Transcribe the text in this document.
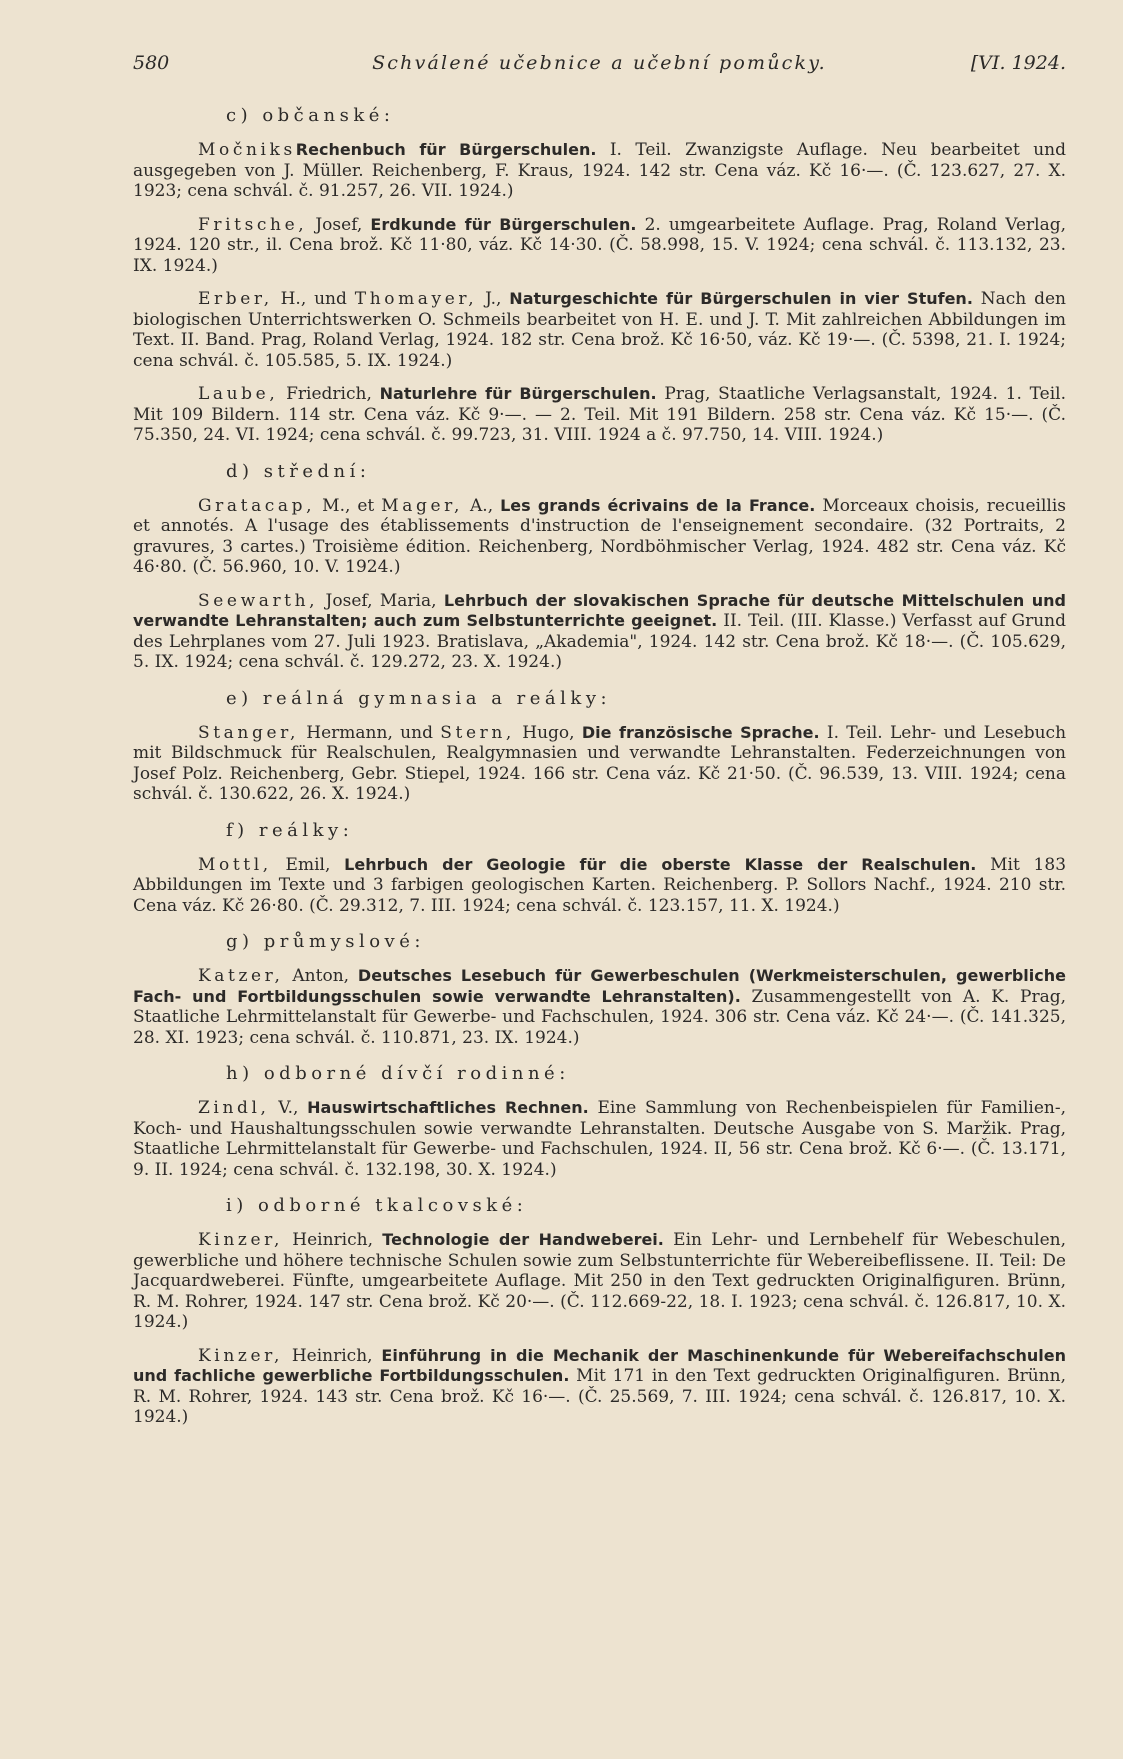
580	Schválené učebnice a učební pomůcky.	[VI. 1924.
c) občanské:

MočniksRechenbuch für Bürgerschulen. I. Teil. Zwanzigste Auflage. Neu bearbeitet und ausgegeben von J. Müller. Reichenberg, F. Kraus, 1924. 142 str. Cena váz. Kč 16·—. (Č. 123.627, 27. X. 1923; cena schvál. č. 91.257, 26. VII. 1924.)

Fritsche, Josef, Erdkunde für Bürgerschulen. 2. umgearbeitete Auflage. Prag, Roland Verlag, 1924. 120 str., il. Cena brož. Kč 11·80, váz. Kč 14·30. (Č. 58.998, 15. V. 1924; cena schvál. č. 113.132, 23. IX. 1924.)

Erber, H., und Thomayer, J., Naturgeschichte für Bürgerschulen in vier Stufen. Nach den biologischen Unterrichtswerken O. Schmeils bearbeitet von H. E. und J. T. Mit zahlreichen Abbildungen im Text. II. Band. Prag, Roland Verlag, 1924. 182 str. Cena brož. Kč 16·50, váz. Kč 19·—. (Č. 5398, 21. I. 1924; cena schvál. č. 105.585, 5. IX. 1924.)

Laube, Friedrich, Naturlehre für Bürgerschulen. Prag, Staatliche Verlagsanstalt, 1924. 1. Teil. Mit 109 Bildern. 114 str. Cena váz. Kč 9·—. — 2. Teil. Mit 191 Bildern. 258 str. Cena váz. Kč 15·—. (Č. 75.350, 24. VI. 1924; cena schvál. č. 99.723, 31. VIII. 1924 a č. 97.750, 14. VIII. 1924.)

d) střední:

Gratacap, M., et Mager, A., Les grands écrivains de la France. Morceaux choisis, recueillis et annotés. A l'usage des établissements d'instruction de l'enseignement secondaire. (32 Portraits, 2 gravures, 3 cartes.) Troisième édition. Reichenberg, Nordböhmischer Verlag, 1924. 482 str. Cena váz. Kč 46·80. (Č. 56.960, 10. V. 1924.)

Seewarth, Josef, Maria, Lehrbuch der slovakischen Sprache für deutsche Mittelschulen und verwandte Lehranstalten; auch zum Selbstunterrichte geeignet. II. Teil. (III. Klasse.) Verfasst auf Grund des Lehrplanes vom 27. Juli 1923. Bratislava, „Akademia", 1924. 142 str. Cena brož. Kč 18·—. (Č. 105.629, 5. IX. 1924; cena schvál. č. 129.272, 23. X. 1924.)

e) reálná gymnasia a reálky:

Stanger, Hermann, und Stern, Hugo, Die französische Sprache. I. Teil. Lehr- und Lesebuch mit Bildschmuck für Realschulen, Realgymnasien und verwandte Lehranstalten. Federzeichnungen von Josef Polz. Reichenberg, Gebr. Stiepel, 1924. 166 str. Cena váz. Kč 21·50. (Č. 96.539, 13. VIII. 1924; cena schvál. č. 130.622, 26. X. 1924.)

f) reálky:

Mottl, Emil, Lehrbuch der Geologie für die oberste Klasse der Realschulen. Mit 183 Abbildungen im Texte und 3 farbigen geologischen Karten. Reichenberg. P. Sollors Nachf., 1924. 210 str. Cena váz. Kč 26·80. (Č. 29.312, 7. III. 1924; cena schvál. č. 123.157, 11. X. 1924.)

g) průmyslové:

Katzer, Anton, Deutsches Lesebuch für Gewerbeschulen (Werkmeisterschulen, gewerbliche Fach- und Fortbildungsschulen sowie verwandte Lehranstalten). Zusammengestellt von A. K. Prag, Staatliche Lehrmittelanstalt für Gewerbe- und Fachschulen, 1924. 306 str. Cena váz. Kč 24·—. (Č. 141.325, 28. XI. 1923; cena schvál. č. 110.871, 23. IX. 1924.)

h) odborné dívčí rodinné:

Zindl, V., Hauswirtschaftliches Rechnen. Eine Sammlung von Rechenbeispielen für Familien-, Koch- und Haushaltungsschulen sowie verwandte Lehranstalten. Deutsche Ausgabe von S. Maržik. Prag, Staatliche Lehrmittelanstalt für Gewerbe- und Fachschulen, 1924. II, 56 str. Cena brož. Kč 6·—. (Č. 13.171, 9. II. 1924; cena schvál. č. 132.198, 30. X. 1924.)

i) odborné tkalcovské:

Kinzer, Heinrich, Technologie der Handweberei. Ein Lehr- und Lernbehelf für Webeschulen, gewerbliche und höhere technische Schulen sowie zum Selbstunterrichte für Webereibeflissene. II. Teil: De Jacquardweberei. Fünfte, umgearbeitete Auflage. Mit 250 in den Text gedruckten Originalfiguren. Brünn, R. M. Rohrer, 1924. 147 str. Cena brož. Kč 20·—. (Č. 112.669-22, 18. I. 1923; cena schvál. č. 126.817, 10. X. 1924.)

Kinzer, Heinrich, Einführung in die Mechanik der Maschinenkunde für Webereifachschulen und fachliche gewerbliche Fortbildungsschulen. Mit 171 in den Text gedruckten Originalfiguren. Brünn, R. M. Rohrer, 1924. 143 str. Cena brož. Kč 16·—. (Č. 25.569, 7. III. 1924; cena schvál. č. 126.817, 10. X. 1924.)
